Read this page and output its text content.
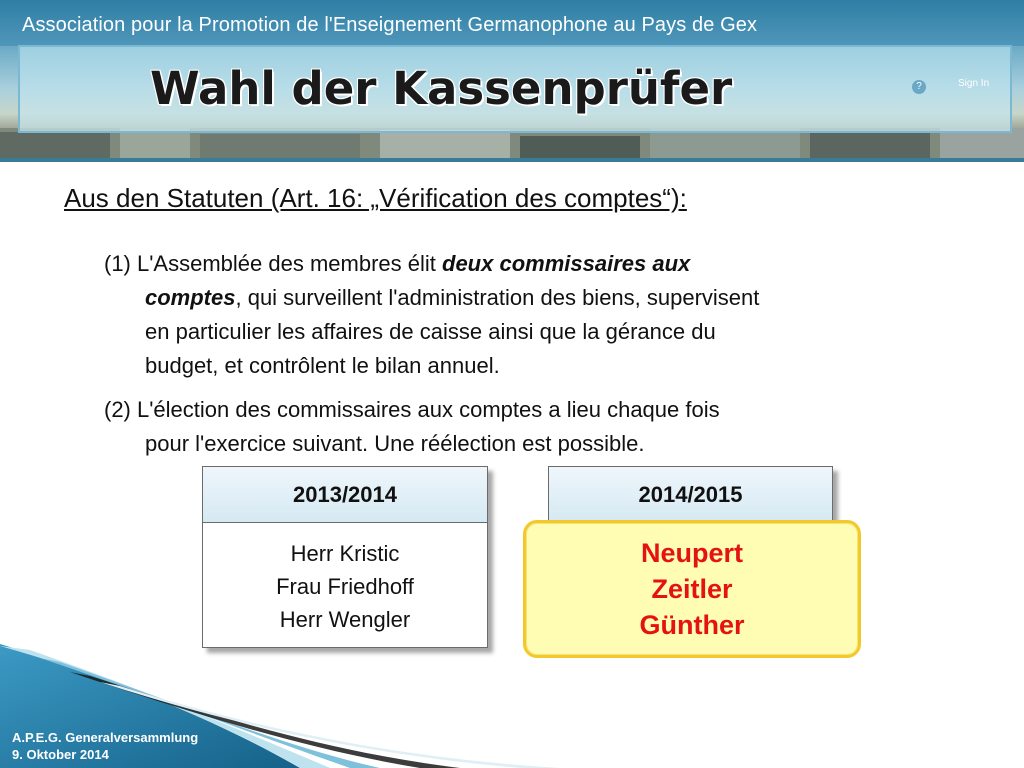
Association pour la Promotion de l'Enseignement Germanophone au Pays de Gex
Wahl der Kassenprüfer	?	Sign In
Aus den Statuten (Art. 16: „Vérification des comptes“):
(1) L'Assemblée des membres élit deux commissaires aux
comptes, qui surveillent l'administration des biens, supervisent
en particulier les affaires de caisse ainsi que la gérance du
budget, et contrôlent le bilan annuel.
(2) L'élection des commissaires aux comptes a lieu chaque fois
pour l'exercice suivant. Une réélection est possible.
2013/2014
Herr Kristic
Frau Friedhoff
Herr Wengler
2014/2015
Neupert
Zeitler
Günther
A.P.E.G. Generalversammlung
9. Oktober 2014
